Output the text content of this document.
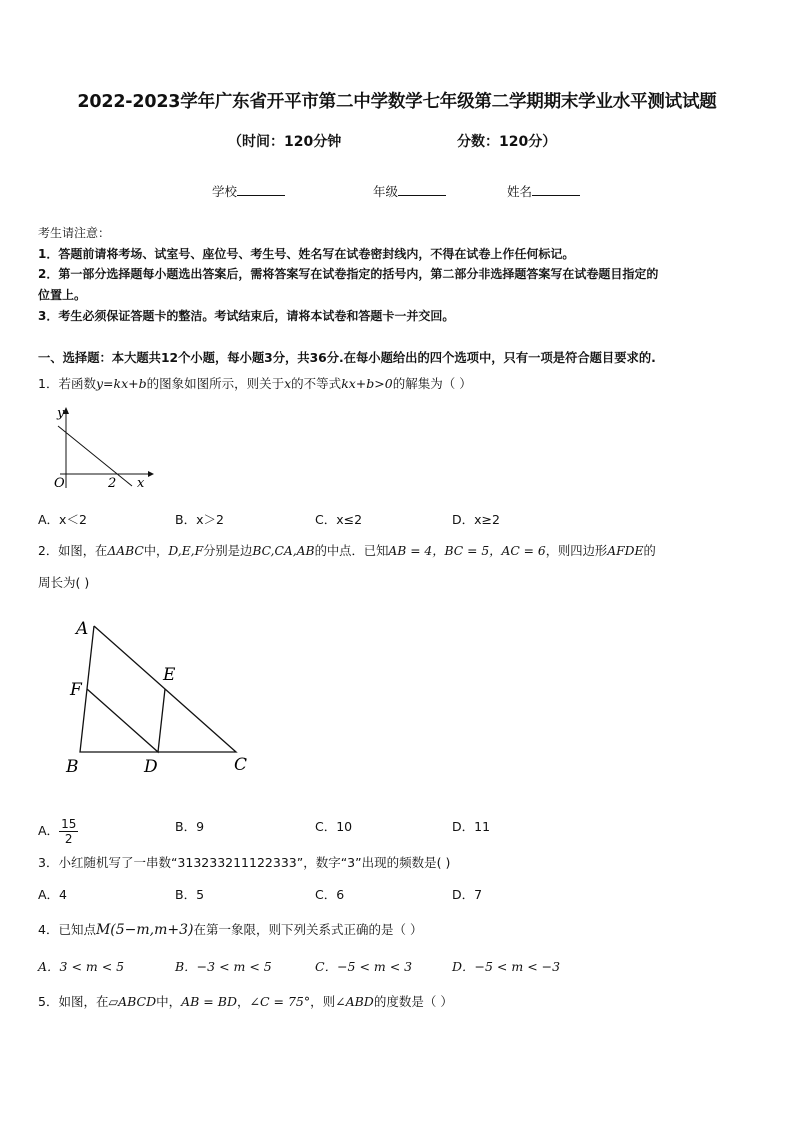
2022-2023学年广东省开平市第二中学数学七年级第二学期期末学业水平测试试题
（时间：120分钟	分数：120分）
学校	年级	姓名
考生请注意：
1．答题前请将考场、试室号、座位号、考生号、姓名写在试卷密封线内，不得在试卷上作任何标记。
2．第一部分选择题每小题选出答案后，需将答案写在试卷指定的括号内，第二部分非选择题答案写在试卷题目指定的
位置上。
3．考生必须保证答题卡的整洁。考试结束后，请将本试卷和答题卡一并交回。
一、选择题：本大题共12个小题，每小题3分，共36分.在每小题给出的四个选项中，只有一项是符合题目要求的.
1．若函数y=kx+b的图象如图所示，则关于x的不等式kx+b>0的解集为（ ）
y
x
O	2
A．x＜2	B．x＞2	C．x≤2	D．x≥2
2．如图，在ΔABC中，D,E,F分别是边BC,CA,AB的中点．已知AB = 4，BC = 5，AC = 6，则四边形AFDE的
周长为( )
A
F
E
B	D	C
A． $\frac{15}{2}$	B．9	C．10	D．11
3．小红随机写了一串数“313233211122333”，数字“3”出现的频数是( )
A．4	B．5	C．6	D．7
4．已知点M(5−m,m+3)在第一象限，则下列关系式正确的是（ ）
A．3 < m < 5	B．−3 < m < 5	C．−5 < m < 3	D．−5 < m < −3
5．如图，在▱ABCD中，AB = BD，∠C = 75°，则∠ABD的度数是（ ）
